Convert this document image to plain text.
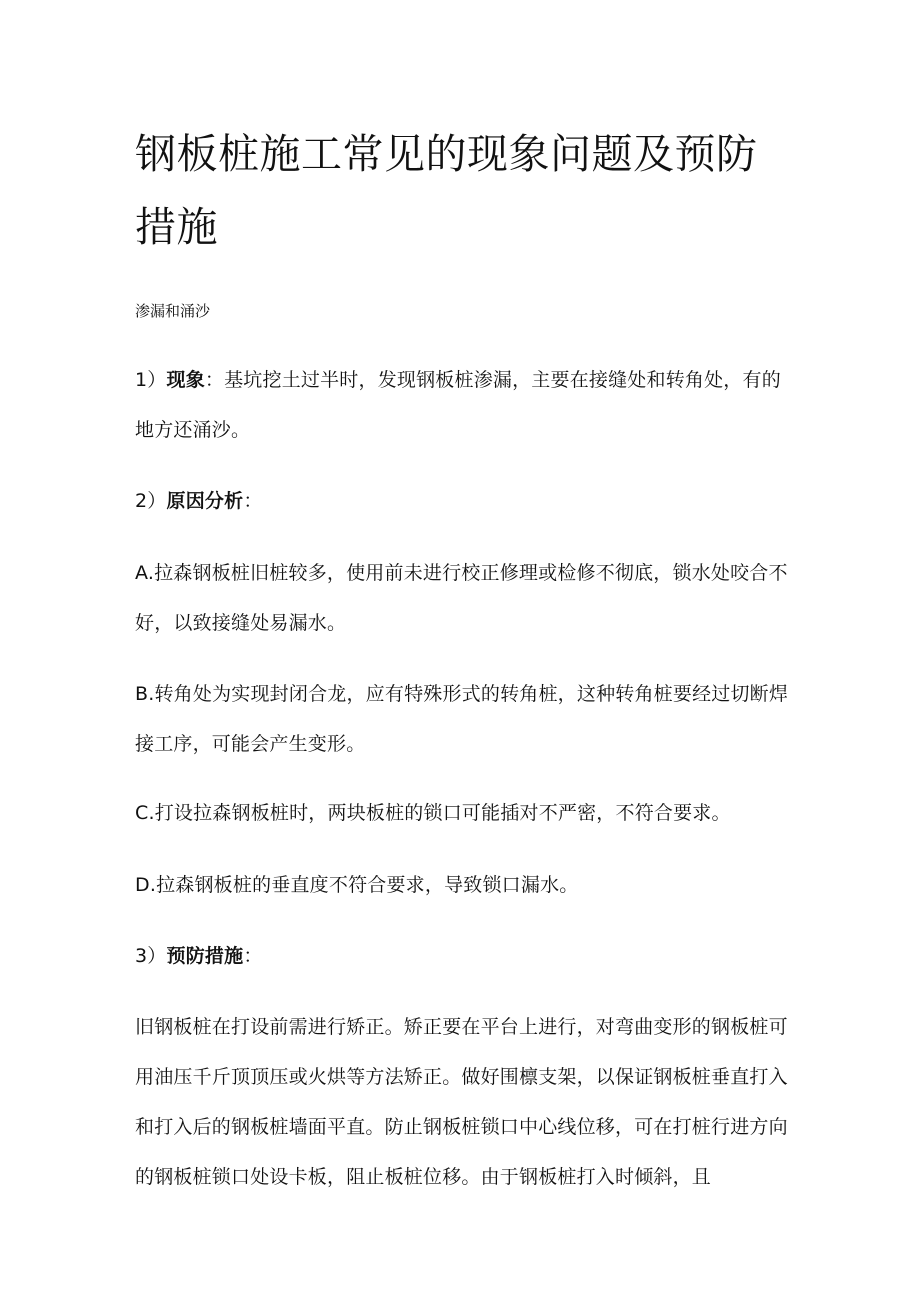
钢板桩施工常见的现象问题及预防措施

渗漏和涌沙

1）现象：基坑挖土过半时，发现钢板桩渗漏，主要在接缝处和转角处，有的地方还涌沙。

2）原因分析：

A.拉森钢板桩旧桩较多，使用前未进行校正修理或检修不彻底，锁水处咬合不好，以致接缝处易漏水。

B.转角处为实现封闭合龙，应有特殊形式的转角桩，这种转角桩要经过切断焊接工序，可能会产生变形。

C.打设拉森钢板桩时，两块板桩的锁口可能插对不严密，不符合要求。

D.拉森钢板桩的垂直度不符合要求，导致锁口漏水。

3）预防措施：

旧钢板桩在打设前需进行矫正。矫正要在平台上进行，对弯曲变形的钢板桩可用油压千斤顶顶压或火烘等方法矫正。做好围檩支架，以保证钢板桩垂直打入和打入后的钢板桩墙面平直。防止钢板桩锁口中心线位移，可在打桩行进方向的钢板桩锁口处设卡板，阻止板桩位移。由于钢板桩打入时倾斜，且
